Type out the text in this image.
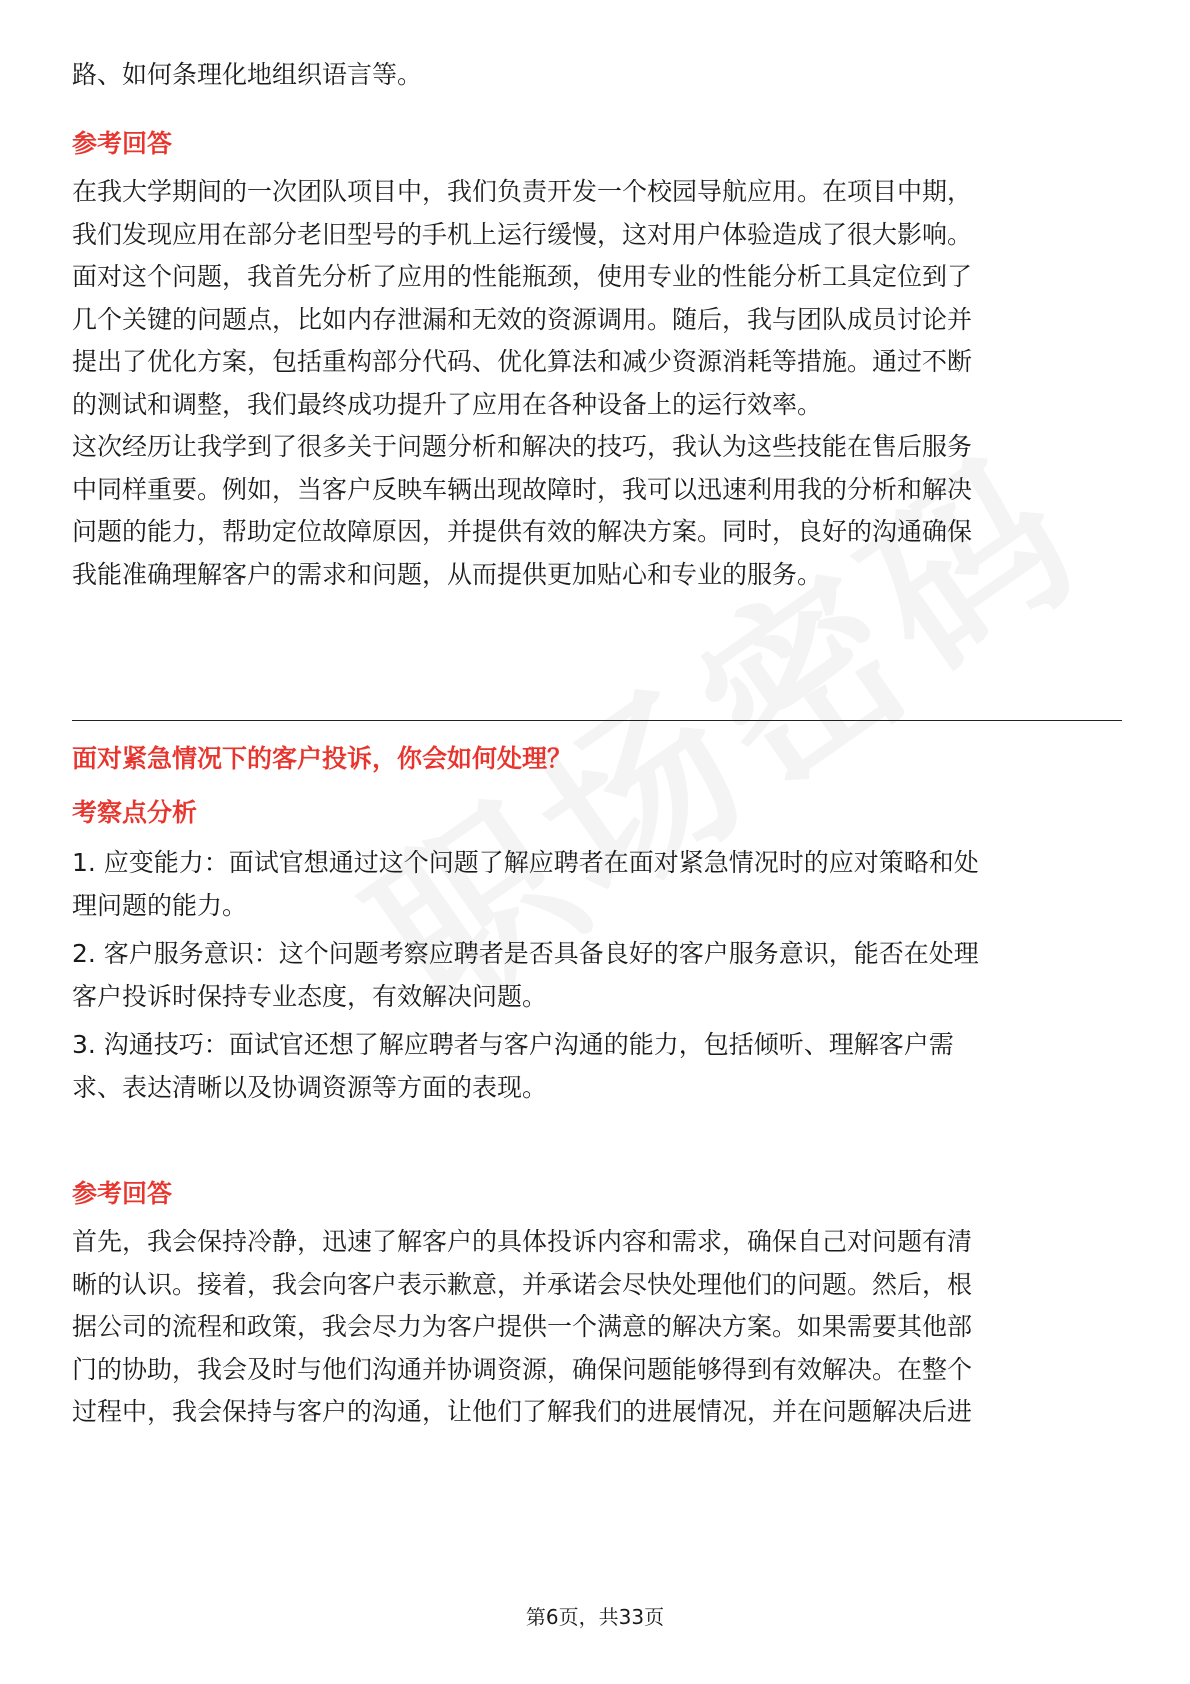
路、如何条理化地组织语言等。
参考回答
在我大学期间的一次团队项目中，我们负责开发一个校园导航应用。在项目中期，
我们发现应用在部分老旧型号的手机上运行缓慢，这对用户体验造成了很大影响。
面对这个问题，我首先分析了应用的性能瓶颈，使用专业的性能分析工具定位到了
几个关键的问题点，比如内存泄漏和无效的资源调用。随后，我与团队成员讨论并
提出了优化方案，包括重构部分代码、优化算法和减少资源消耗等措施。通过不断
的测试和调整，我们最终成功提升了应用在各种设备上的运行效率。
这次经历让我学到了很多关于问题分析和解决的技巧，我认为这些技能在售后服务
中同样重要。例如，当客户反映车辆出现故障时，我可以迅速利用我的分析和解决
问题的能力，帮助定位故障原因，并提供有效的解决方案。同时，良好的沟通确保
我能准确理解客户的需求和问题，从而提供更加贴心和专业的服务。
面对紧急情况下的客户投诉，你会如何处理？
考察点分析
1. 应变能力：面试官想通过这个问题了解应聘者在面对紧急情况时的应对策略和处
理问题的能力。
2. 客户服务意识：这个问题考察应聘者是否具备良好的客户服务意识，能否在处理
客户投诉时保持专业态度，有效解决问题。
3. 沟通技巧：面试官还想了解应聘者与客户沟通的能力，包括倾听、理解客户需
求、表达清晰以及协调资源等方面的表现。
参考回答
首先，我会保持冷静，迅速了解客户的具体投诉内容和需求，确保自己对问题有清
晰的认识。接着，我会向客户表示歉意，并承诺会尽快处理他们的问题。然后，根
据公司的流程和政策，我会尽力为客户提供一个满意的解决方案。如果需要其他部
门的协助，我会及时与他们沟通并协调资源，确保问题能够得到有效解决。在整个
过程中，我会保持与客户的沟通，让他们了解我们的进展情况，并在问题解决后进
第6页，共33页
